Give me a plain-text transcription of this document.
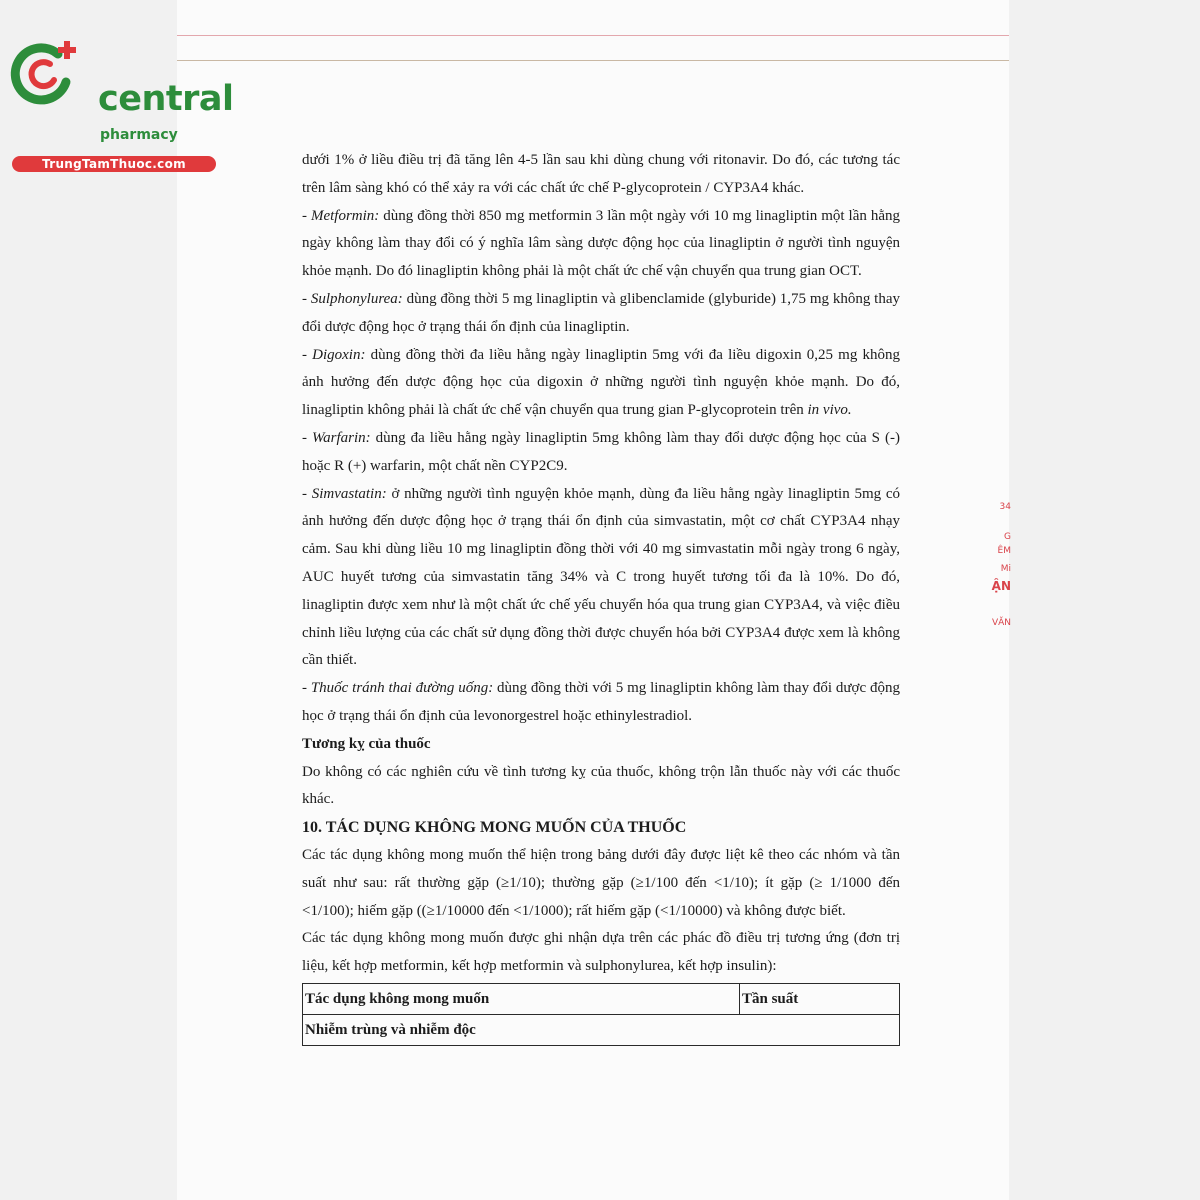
central
pharmacy
TrungTamThuoc.com	dưới 1% ở liều điều trị đã tăng lên 4-5 lần sau khi dùng chung với ritonavir. Do đó, các tương tác trên lâm sàng khó có thể xảy ra với các chất ức chế P-glycoprotein / CYP3A4 khác.

- Metformin: dùng đồng thời 850 mg metformin 3 lần một ngày với 10 mg linagliptin một lần hằng ngày không làm thay đổi có ý nghĩa lâm sàng dược động học của linagliptin ở người tình nguyện khỏe mạnh. Do đó linagliptin không phải là một chất ức chế vận chuyển qua trung gian OCT.

- Sulphonylurea: dùng đồng thời 5 mg linagliptin và glibenclamide (glyburide) 1,75 mg không thay đổi dược động học ở trạng thái ổn định của linagliptin.

- Digoxin: dùng đồng thời đa liều hằng ngày linagliptin 5mg với đa liều digoxin 0,25 mg không ảnh hưởng đến dược động học của digoxin ở những người tình nguyện khỏe mạnh. Do đó, linagliptin không phải là chất ức chế vận chuyển qua trung gian P-glycoprotein trên in vivo.

- Warfarin: dùng đa liều hằng ngày linagliptin 5mg không làm thay đổi dược động học của S (-) hoặc R (+) warfarin, một chất nền CYP2C9.

- Simvastatin: ở những người tình nguyện khỏe mạnh, dùng đa liều hằng ngày linagliptin 5mg có ảnh hưởng đến dược động học ở trạng thái ổn định của simvastatin, một cơ chất CYP3A4 nhạy cảm. Sau khi dùng liều 10 mg linagliptin đồng thời với 40 mg simvastatin mỗi ngày trong 6 ngày, AUC huyết tương của simvastatin tăng 34% và C trong huyết tương tối đa là 10%. Do đó, linagliptin được xem như là một chất ức chế yếu chuyển hóa qua trung gian CYP3A4, và việc điều chỉnh liều lượng của các chất sử dụng đồng thời được chuyển hóa bởi CYP3A4 được xem là không cần thiết.

- Thuốc tránh thai đường uống: dùng đồng thời với 5 mg linagliptin không làm thay đổi dược động học ở trạng thái ổn định của levonorgestrel hoặc ethinylestradiol.

Tương kỵ của thuốc

Do không có các nghiên cứu về tình tương kỵ của thuốc, không trộn lẫn thuốc này với các thuốc khác.

10. TÁC DỤNG KHÔNG MONG MUỐN CỦA THUỐC

Các tác dụng không mong muốn thể hiện trong bảng dưới đây được liệt kê theo các nhóm và tần suất như sau: rất thường gặp (≥1/10); thường gặp (≥1/100 đến <1/10); ít gặp (≥ 1/1000 đến <1/100); hiếm gặp ((≥1/10000 đến <1/1000); rất hiếm gặp (<1/10000) và không được biết.

Các tác dụng không mong muốn được ghi nhận dựa trên các phác đồ điều trị tương ứng (đơn trị liệu, kết hợp metformin, kết hợp metformin và sulphonylurea, kết hợp insulin):

Tác dụng không mong muốn	Tần suất
Nhiễm trùng và nhiễm độc
34
G
ÊM
Mi
ẬN
VĂN
